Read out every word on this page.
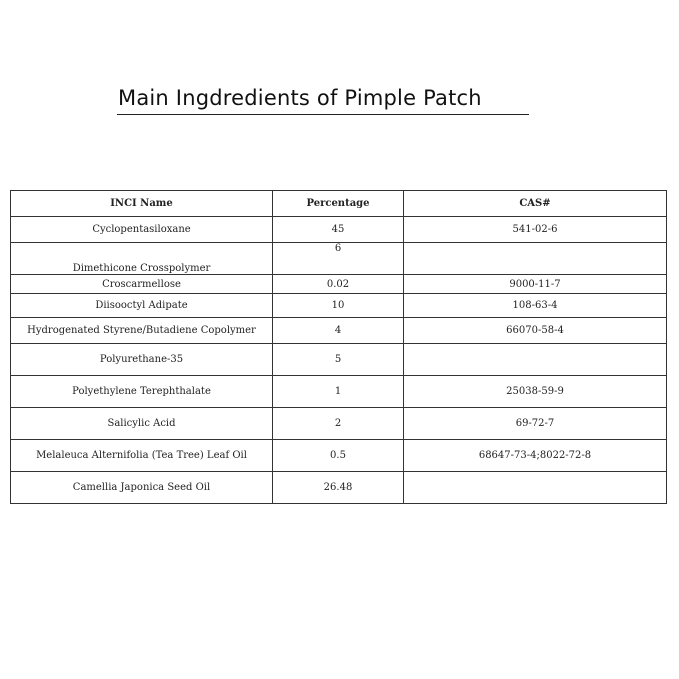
Main Ingdredients of Pimple Patch
INCI Name	Percentage	CAS#
Cyclopentasiloxane	45	541-02-6
Dimethicone Crosspolymer	6	
Croscarmellose	0.02	9000-11-7
Diisooctyl Adipate	10	108-63-4
Hydrogenated Styrene/Butadiene Copolymer	4	66070-58-4
Polyurethane-35	5	
Polyethylene Terephthalate	1	25038-59-9
Salicylic Acid	2	69-72-7
Melaleuca Alternifolia (Tea Tree) Leaf Oil	0.5	68647-73-4;8022-72-8
Camellia Japonica Seed Oil	26.48	
